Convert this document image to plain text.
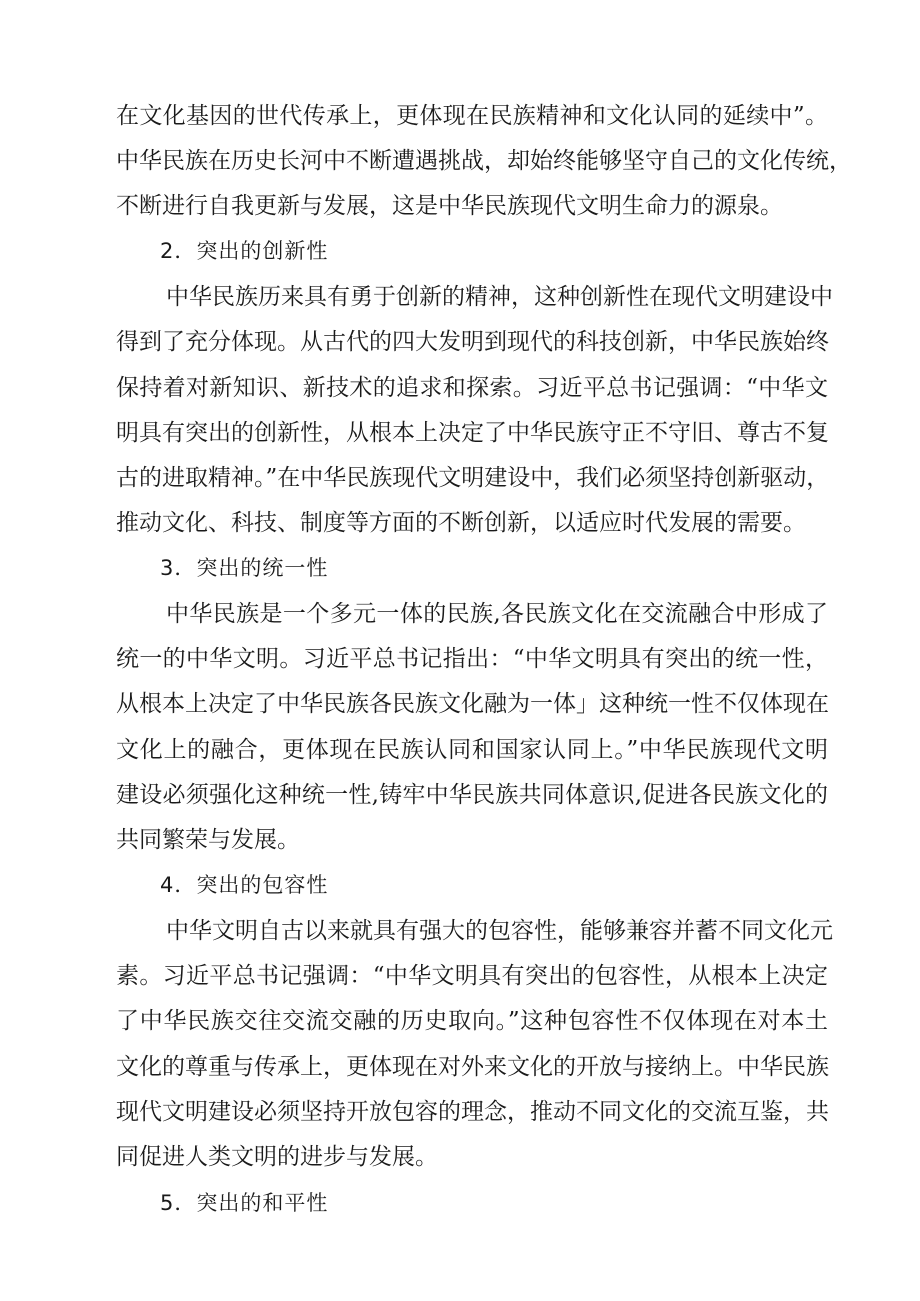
在文化基因的世代传承上，更体现在民族精神和文化认同的延续中”。
中华民族在历史长河中不断遭遇挑战，却始终能够坚守自己的文化传统，
不断进行自我更新与发展，这是中华民族现代文明生命力的源泉。
2．突出的创新性
中华民族历来具有勇于创新的精神，这种创新性在现代文明建设中
得到了充分体现。从古代的四大发明到现代的科技创新，中华民族始终
保持着对新知识、新技术的追求和探索。习近平总书记强调：“中华文
明具有突出的创新性，从根本上决定了中华民族守正不守旧、尊古不复
古的进取精神。”在中华民族现代文明建设中，我们必须坚持创新驱动，
推动文化、科技、制度等方面的不断创新，以适应时代发展的需要。
3．突出的统一性
中华民族是一个多元一体的民族,各民族文化在交流融合中形成了
统一的中华文明。习近平总书记指出：“中华文明具有突出的统一性，
从根本上决定了中华民族各民族文化融为一体」这种统一性不仅体现在
文化上的融合，更体现在民族认同和国家认同上。”中华民族现代文明
建设必须强化这种统一性,铸牢中华民族共同体意识,促进各民族文化的
共同繁荣与发展。
4．突出的包容性
中华文明自古以来就具有强大的包容性，能够兼容并蓄不同文化元
素。习近平总书记强调：“中华文明具有突出的包容性，从根本上决定
了中华民族交往交流交融的历史取向。”这种包容性不仅体现在对本土
文化的尊重与传承上，更体现在对外来文化的开放与接纳上。中华民族
现代文明建设必须坚持开放包容的理念，推动不同文化的交流互鉴，共
同促进人类文明的进步与发展。
5．突出的和平性
